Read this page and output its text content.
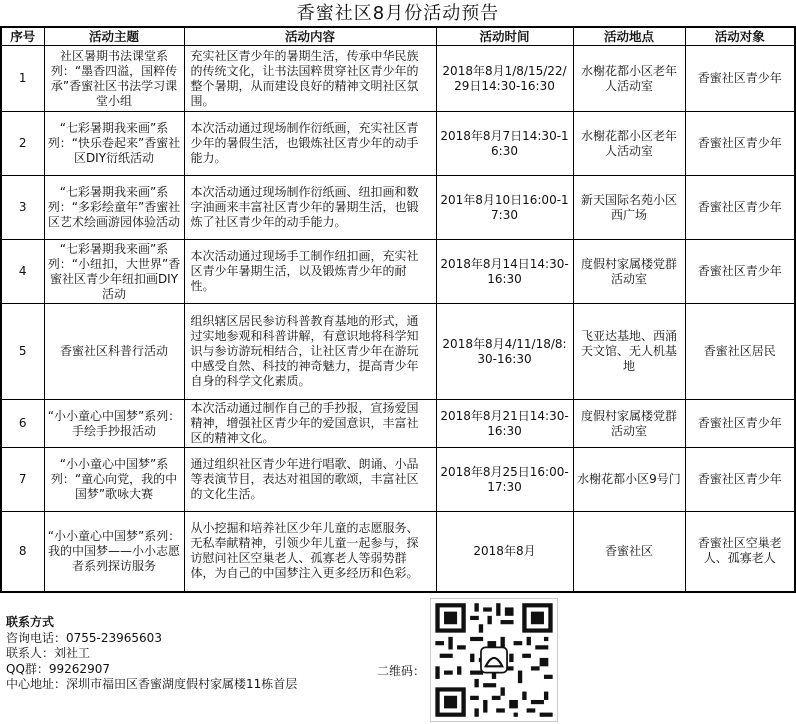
香蜜社区8月份活动预告
序号	活动主题	活动内容	活动时间	活动地点	活动对象
1	社区暑期书法课堂系列：“墨香四溢，国粹传承”香蜜社区书法学习课堂小组	充实社区青少年的暑期生活，传承中华民族的传统文化，让书法国粹贯穿社区青少年的整个暑期，从而建设良好的精神文明社区氛围。	2018年8月1/8/15/22/29日14:30-16:30	水榭花都小区老年人活动室	香蜜社区青少年
2	“七彩暑期我来画”系列：“快乐卷起来”香蜜社区DIY衍纸活动	本次活动通过现场制作衍纸画，充实社区青少年的暑假生活，也锻炼社区青少年的动手能力。	2018年8月7日14:30-16:30	水榭花都小区老年人活动室	香蜜社区青少年
3	“七彩暑期我来画”系列：“多彩绘童年”香蜜社区艺术绘画游园体验活动	本次活动通过现场制作衍纸画、纽扣画和数字油画来丰富社区青少年的暑期生活，也锻炼了社区青少年的动手能力。	201年8月10日16:00-17:30	新天国际名苑小区西广场	香蜜社区青少年
4	“七彩暑期我来画”系列：“小纽扣，大世界”香蜜社区青少年纽扣画DIY活动	本次活动通过现场手工制作纽扣画，充实社区青少年暑期生活，以及锻炼青少年的耐性。	2018年8月14日14:30-16:30	度假村家属楼党群活动室	香蜜社区青少年
5	香蜜社区科普行活动	组织辖区居民参访科普教育基地的形式，通过实地参观和科普讲解，有意识地将科学知识与参访游玩相结合，让社区青少年在游玩中感受自然、科技的神奇魅力，提高青少年自身的科学文化素质。	2018年8月4/11/18/8:30-16:30	飞亚达基地、西涌天文馆、无人机基地	香蜜社区居民
6	“小小童心中国梦”系列：手绘手抄报活动	本次活动通过制作自己的手抄报，宣扬爱国精神，增强社区青少年的爱国意识，丰富社区的精神文化。	2018年8月21日14:30-16:30	度假村家属楼党群活动室	香蜜社区青少年
7	“小小童心中国梦”系列：“童心向党，我的中国梦”歌咏大赛	通过组织社区青少年进行唱歌、朗诵、小品等表演节目，表达对祖国的歌颂，丰富社区的文化生活。	2018年8月25日16:00-17:30	水榭花都小区9号门	香蜜社区青少年
8	“小小童心中国梦”系列：我的中国梦——小小志愿者系列探访服务	从小挖掘和培养社区少年儿童的志愿服务、无私奉献精神，引领少年儿童一起参与，探访慰问社区空巢老人、孤寡老人等弱势群体，为自己的中国梦注入更多经历和色彩。	2018年8月	香蜜社区	香蜜社区空巢老人、孤寡老人
联系方式
咨询电话：0755-23965603
联系人：刘社工
QQ群：99262907
中心地址：深圳市福田区香蜜湖度假村家属楼11栋首层
二维码：
